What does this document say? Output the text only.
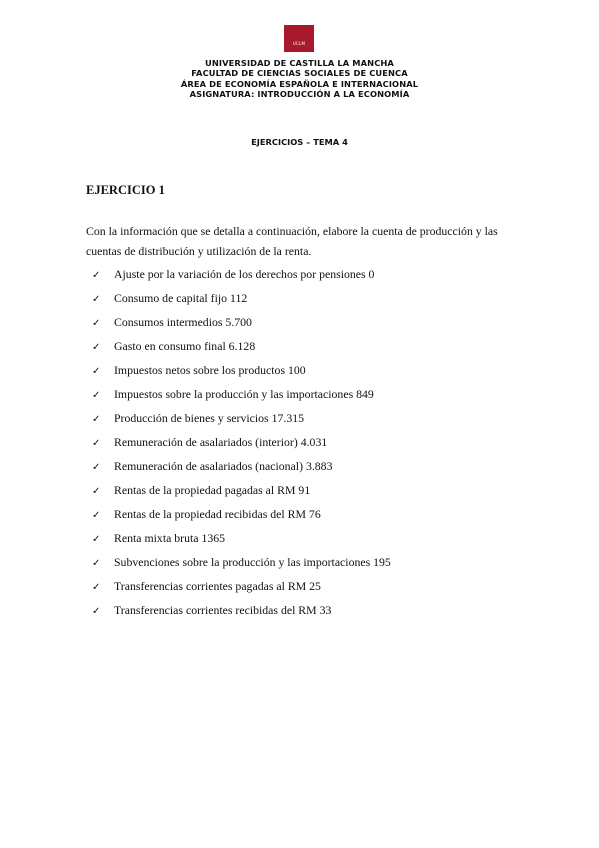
UCLM
UNIVERSIDAD DE CASTILLA LA MANCHA
FACULTAD DE CIENCIAS SOCIALES DE CUENCA
ÁREA DE ECONOMÍA ESPAÑOLA E INTERNACIONAL
ASIGNATURA: INTRODUCCIÓN A LA ECONOMÍA
EJERCICIOS – TEMA 4
EJERCICIO 1
Con la información que se detalla a continuación, elabore la cuenta de producción y las
cuentas de distribución y utilización de la renta.
✓ Ajuste por la variación de los derechos por pensiones 0
✓ Consumo de capital fijo 112
✓ Consumos intermedios 5.700
✓ Gasto en consumo final 6.128
✓ Impuestos netos sobre los productos 100
✓ Impuestos sobre la producción y las importaciones 849
✓ Producción de bienes y servicios 17.315
✓ Remuneración de asalariados (interior) 4.031
✓ Remuneración de asalariados (nacional) 3.883
✓ Rentas de la propiedad pagadas al RM 91
✓ Rentas de la propiedad recibidas del RM 76
✓ Renta mixta bruta 1365
✓ Subvenciones sobre la producción y las importaciones 195
✓ Transferencias corrientes pagadas al RM 25
✓ Transferencias corrientes recibidas del RM 33
